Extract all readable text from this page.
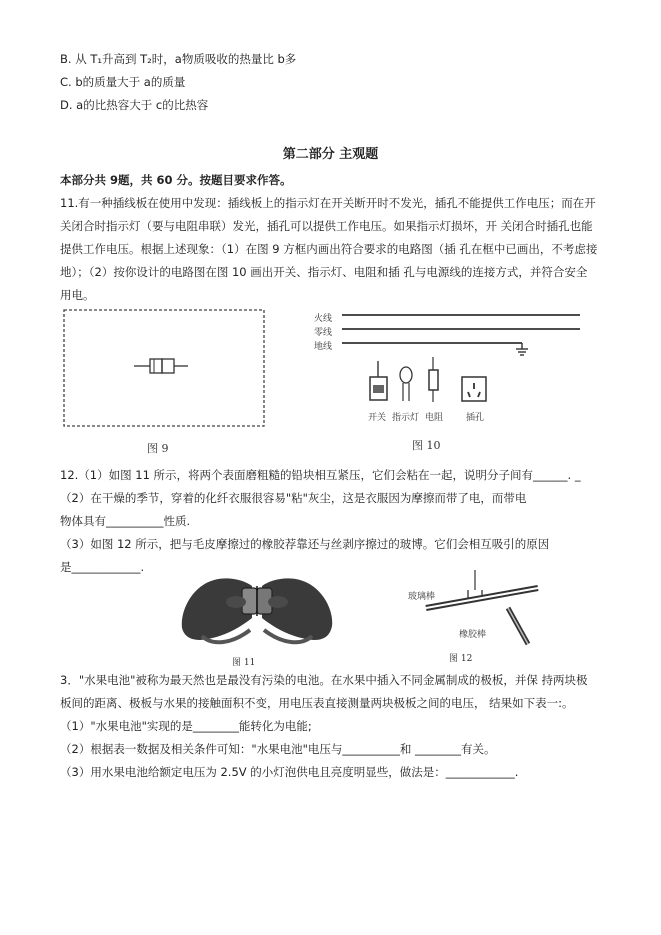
B. 从 T₁升高到 T₂时，a物质吸收的热量比 b多
C. b的质量大于 a的质量
D. a的比热容大于 c的比热容
第二部分 主观题
本部分共 9题，共 60 分。按题目要求作答。
11.有一种插线板在使用中发现：插线板上的指示灯在开关断开时不发光，插孔不能提供工作电压；而在开
关闭合时指示灯（要与电阻串联）发光，插孔可以提供工作电压。如果指示灯损坏，开 关闭合时插孔也能
提供工作电压。根据上述现象：（1）在图 9 方框内画出符合要求的电路图（插 孔在框中已画出，不考虑接
地）；（2）按你设计的电路图在图 10 画出开关、指示灯、电阻和插 孔与电源线的连接方式，并符合安全
用电。
图 9
火线
零线
地线
开关 指示灯 电阻	插孔
图 10
12.（1）如图 11 所示，将两个表面磨粗糙的铅块相互紧压，它们会粘在一起，说明分子间有______. _
（2）在干燥的季节，穿着的化纤衣服很容易"粘"灰尘，这是衣服因为摩擦而带了电，而带电
物体具有__________性质.
（3）如图 12 所示，把与毛皮摩擦过的橡胶荐靠还与丝剥序擦过的玻博。它们会相互吸引的原因
是____________.
图 11
玻璃棒
橡胶棒
图 12
3．"水果电池"被称为最天然也是最没有污染的电池。在水果中插入不同金属制成的极板，并保 持两块极
板间的距离、极板与水果的接触面积不变，用电压表直接测量两块极板之间的电压， 结果如下表一:。
（1）"水果电池"实现的是________能转化为电能;
（2）根据表一数据及相关条件可知："水果电池"电压与__________和 ________有关。
（3）用水果电池给额定电压为 2.5V 的小灯泡供电且亮度明显些，做法是：____________.
